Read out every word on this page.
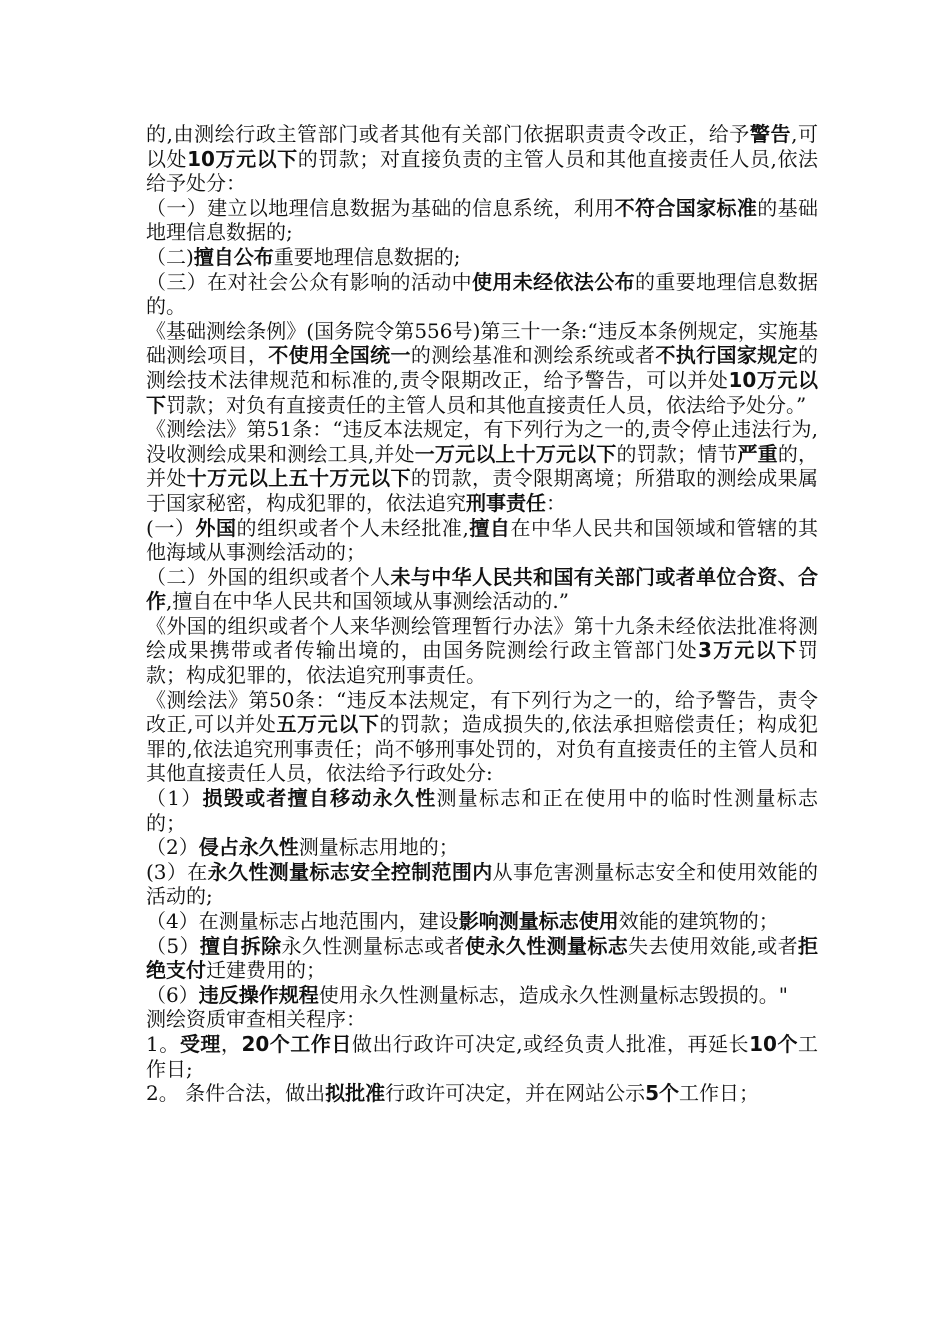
的,由测绘行政主管部门或者其他有关部门依据职责责令改正，给予警告,可以处10万元以下的罚款；对直接负责的主管人员和其他直接责任人员,依法给予处分：

（一）建立以地理信息数据为基础的信息系统，利用不符合国家标准的基础地理信息数据的;

（二)擅自公布重要地理信息数据的;

（三）在对社会公众有影响的活动中使用未经依法公布的重要地理信息数据的。

《基础测绘条例》(国务院令第556号)第三十一条:“违反本条例规定，实施基础测绘项目，不使用全国统一的测绘基准和测绘系统或者不执行国家规定的测绘技术法律规范和标准的,责令限期改正，给予警告，可以并处10万元以下罚款；对负有直接责任的主管人员和其他直接责任人员，依法给予处分。”

《测绘法》第51条：“违反本法规定，有下列行为之一的,责令停止违法行为,没收测绘成果和测绘工具,并处一万元以上十万元以下的罚款；情节严重的，并处十万元以上五十万元以下的罚款，责令限期离境；所猎取的测绘成果属于国家秘密，构成犯罪的，依法追究刑事责任：

(一）外国的组织或者个人未经批准,擅自在中华人民共和国领域和管辖的其他海域从事测绘活动的；

（二）外国的组织或者个人未与中华人民共和国有关部门或者单位合资、合作,擅自在中华人民共和国领域从事测绘活动的.”

《外国的组织或者个人来华测绘管理暂行办法》第十九条未经依法批准将测绘成果携带或者传输出境的，由国务院测绘行政主管部门处3万元以下罚款；构成犯罪的，依法追究刑事责任。

《测绘法》第50条：“违反本法规定，有下列行为之一的，给予警告，责令改正,可以并处五万元以下的罚款；造成损失的,依法承担赔偿责任；构成犯罪的,依法追究刑事责任；尚不够刑事处罚的，对负有直接责任的主管人员和其他直接责任人员，依法给予行政处分:

（1）损毁或者擅自移动永久性测量标志和正在使用中的临时性测量标志的；

（2）侵占永久性测量标志用地的；

(3）在永久性测量标志安全控制范围内从事危害测量标志安全和使用效能的活动的;

（4）在测量标志占地范围内，建设影响测量标志使用效能的建筑物的；

（5）擅自拆除永久性测量标志或者使永久性测量标志失去使用效能,或者拒绝支付迁建费用的；

（6）违反操作规程使用永久性测量标志，造成永久性测量标志毁损的。"

测绘资质审查相关程序：

1。受理，20个工作日做出行政许可决定,或经负责人批准，再延长10个工作日;

2。 条件合法，做出拟批准行政许可决定，并在网站公示5个工作日；
